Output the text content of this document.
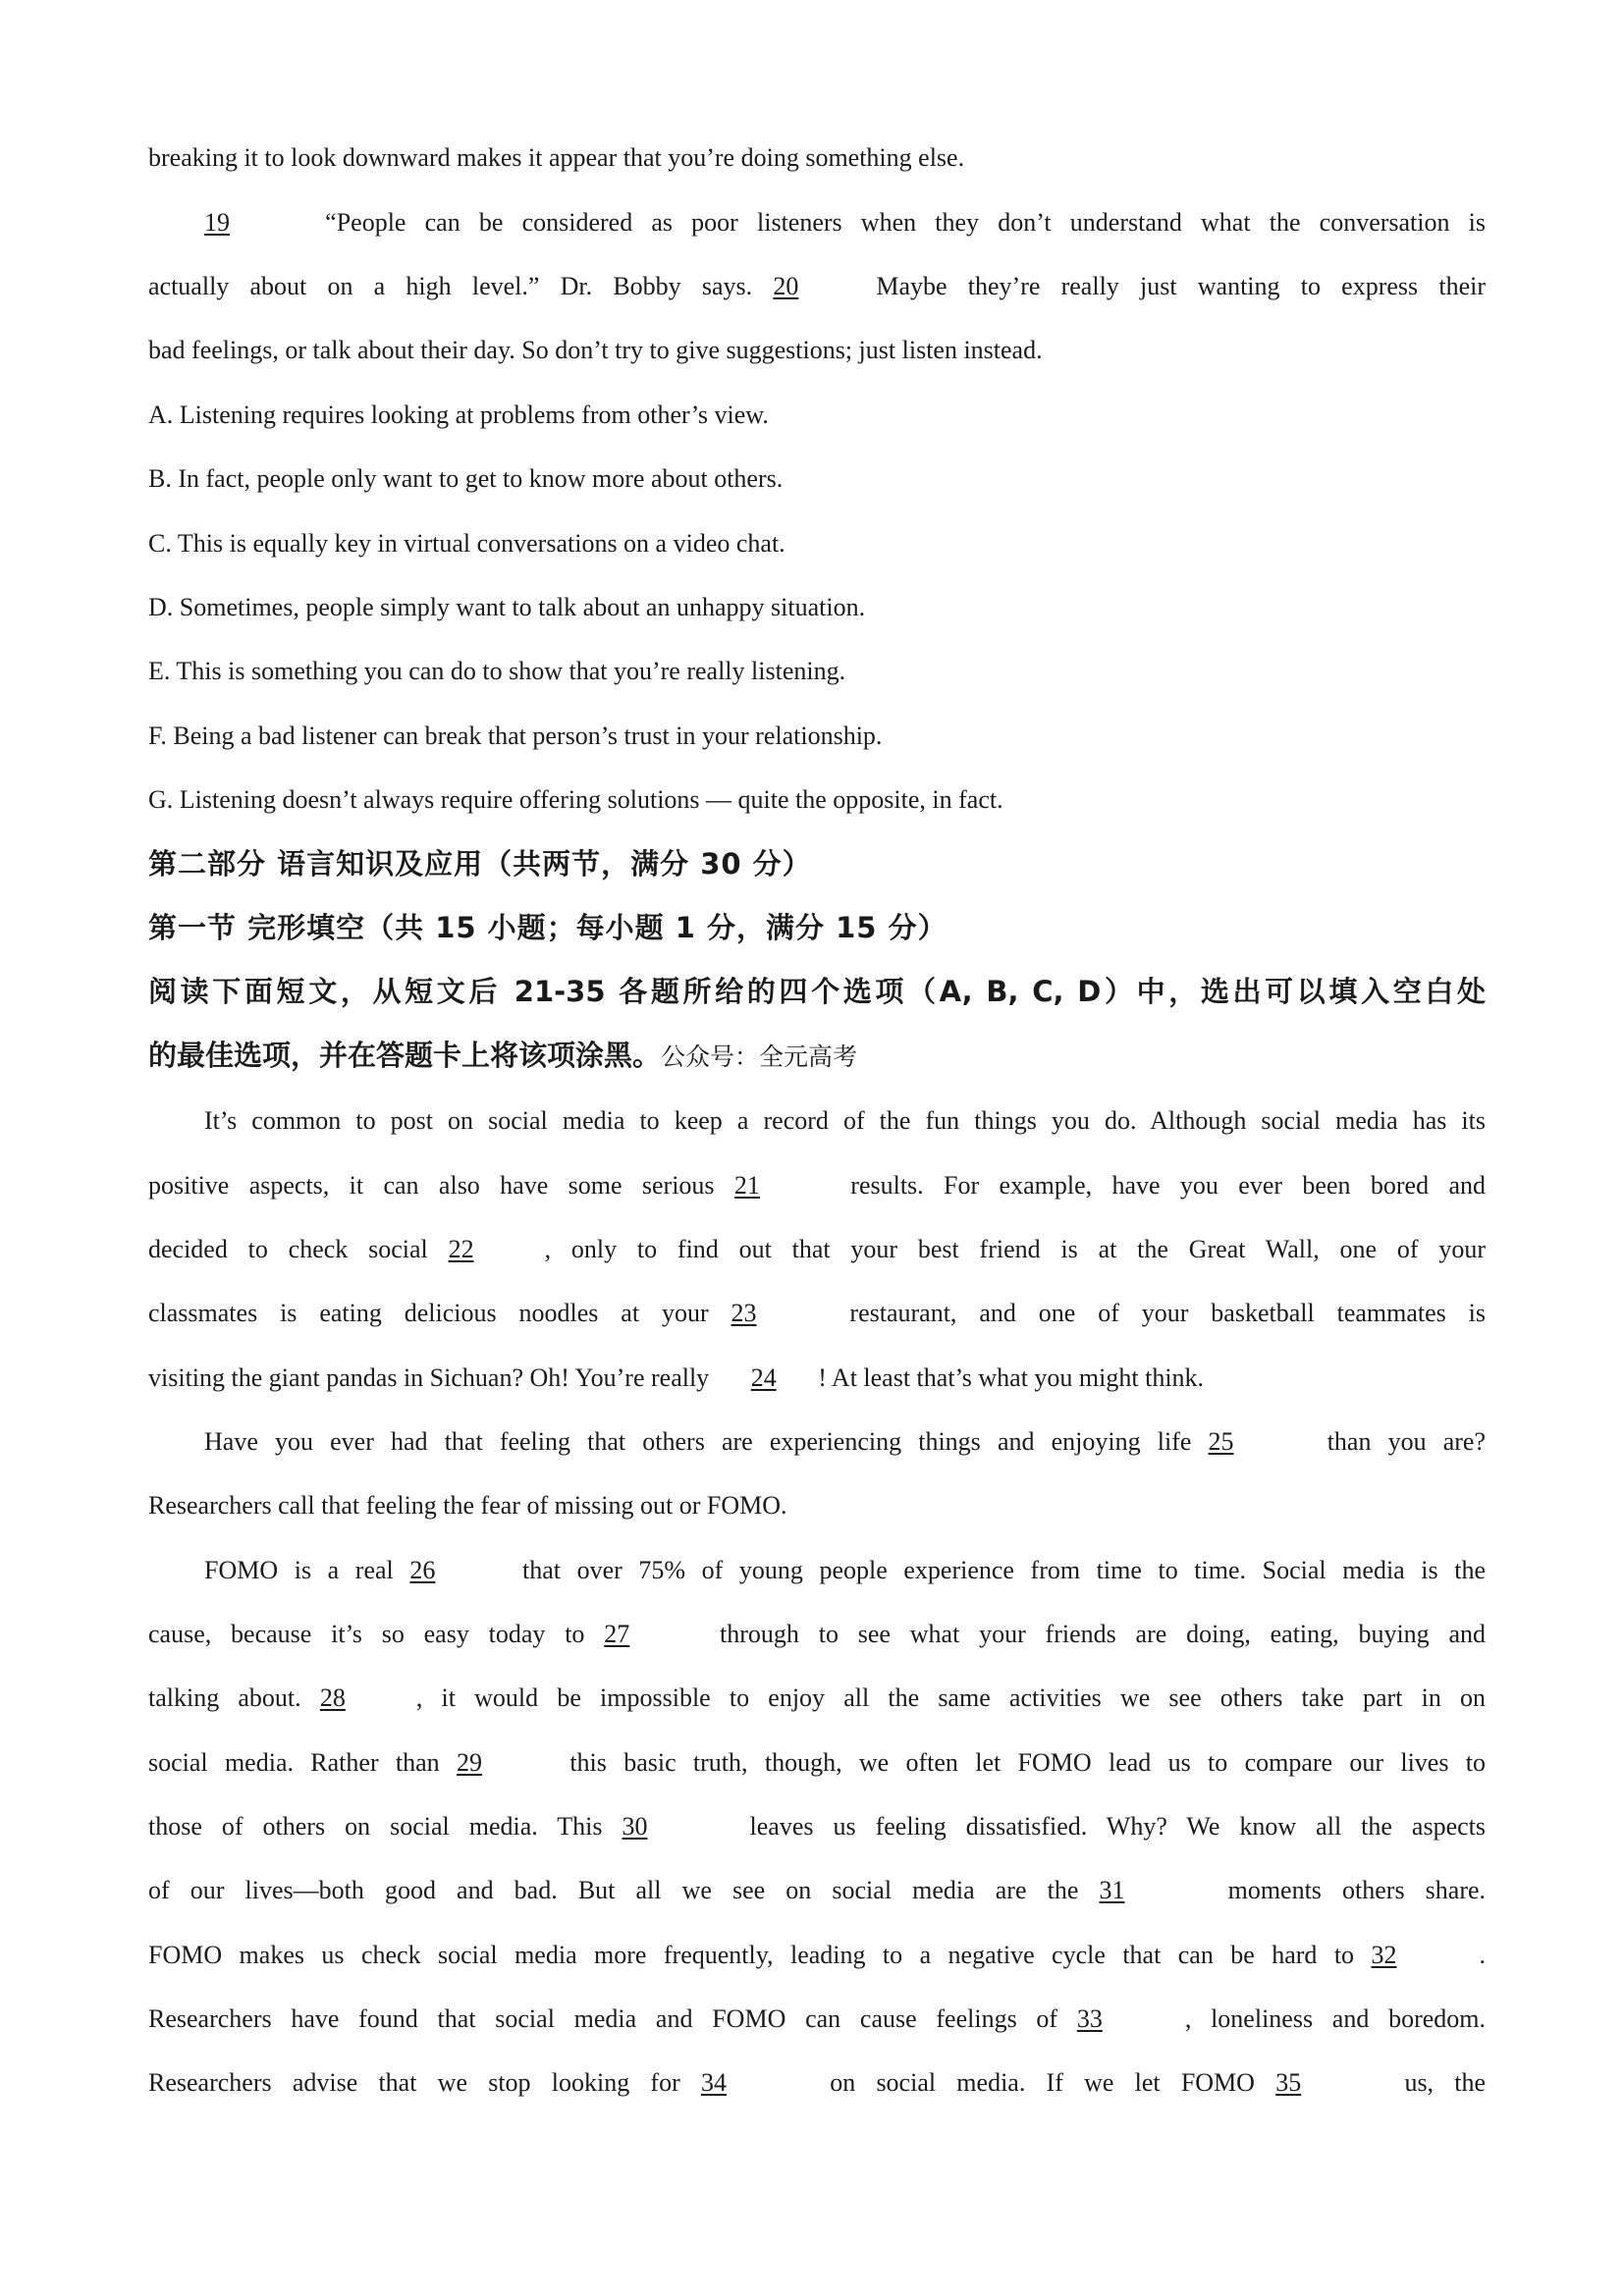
breaking it to look downward makes it appear that you’re doing something else.
19	“People can be considered as poor listeners when they don’t understand what the conversation is
actually about on a high level.” Dr. Bobby says. 20	Maybe they’re really just wanting to express their
bad feelings, or talk about their day. So don’t try to give suggestions; just listen instead.
A. Listening requires looking at problems from other’s view.
B. In fact, people only want to get to know more about others.
C. This is equally key in virtual conversations on a video chat.
D. Sometimes, people simply want to talk about an unhappy situation.
E. This is something you can do to show that you’re really listening.
F. Being a bad listener can break that person’s trust in your relationship.
G. Listening doesn’t always require offering solutions — quite the opposite, in fact.
第二部分 语言知识及应用（共两节，满分 30 分）
第一节 完形填空（共 15 小题；每小题 1 分，满分 15 分）
阅读下面短文，从短文后 21-35 各题所给的四个选项（A, B, C, D）中，选出可以填入空白处
的最佳选项，并在答题卡上将该项涂黑。公众号：全元高考
It’s common to post on social media to keep a record of the fun things you do. Although social media has its
positive aspects, it can also have some serious 21	results. For example, have you ever been bored and
decided to check social 22	, only to find out that your best friend is at the Great Wall, one of your
classmates is eating delicious noodles at your 23	restaurant, and one of your basketball teammates is
visiting the giant pandas in Sichuan? Oh! You’re really 24 ! At least that’s what you might think.
Have you ever had that feeling that others are experiencing things and enjoying life 25	than you are?
Researchers call that feeling the fear of missing out or FOMO.
FOMO is a real 26	that over 75% of young people experience from time to time. Social media is the
cause, because it’s so easy today to 27	through to see what your friends are doing, eating, buying and
talking about. 28	, it would be impossible to enjoy all the same activities we see others take part in on
social media. Rather than 29	this basic truth, though, we often let FOMO lead us to compare our lives to
those of others on social media. This 30	leaves us feeling dissatisfied. Why? We know all the aspects
of our lives—both good and bad. But all we see on social media are the 31	moments others share.
FOMO makes us check social media more frequently, leading to a negative cycle that can be hard to 32	.
Researchers have found that social media and FOMO can cause feelings of 33	, loneliness and boredom.
Researchers advise that we stop looking for 34	on social media. If we let FOMO 35	us, the
